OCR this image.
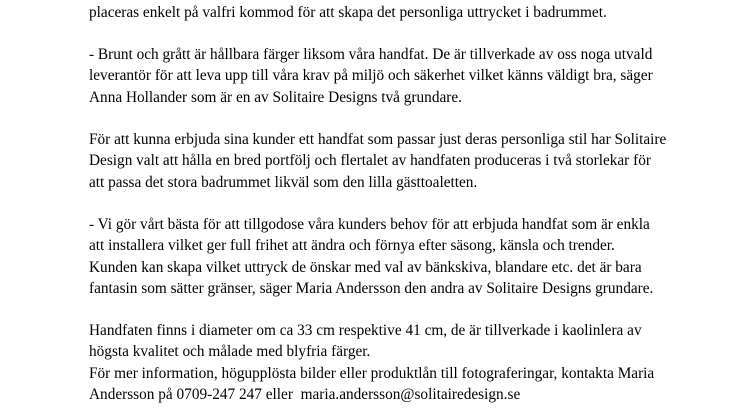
placeras enkelt på valfri kommod för att skapa det personliga uttrycket i badrummet.

- Brunt och grått är hållbara färger liksom våra handfat. De är tillverkade av oss noga utvald
leverantör för att leva upp till våra krav på miljö och säkerhet vilket känns väldigt bra, säger
Anna Hollander som är en av Solitaire Designs två grundare.

För att kunna erbjuda sina kunder ett handfat som passar just deras personliga stil har Solitaire
Design valt att hålla en bred portfölj och flertalet av handfaten produceras i två storlekar för
att passa det stora badrummet likväl som den lilla gästtoaletten.

- Vi gör vårt bästa för att tillgodose våra kunders behov för att erbjuda handfat som är enkla
att installera vilket ger full frihet att ändra och förnya efter säsong, känsla och trender.
Kunden kan skapa vilket uttryck de önskar med val av bänkskiva, blandare etc. det är bara
fantasin som sätter gränser, säger Maria Andersson den andra av Solitaire Designs grundare.

Handfaten finns i diameter om ca 33 cm respektive 41 cm, de är tillverkade i kaolinlera av
högsta kvalitet och målade med blyfria färger.

För mer information, högupplösta bilder eller produktlån till fotograferingar, kontakta Maria
Andersson på 0709-247 247 eller  maria.andersson@solitairedesign.se
